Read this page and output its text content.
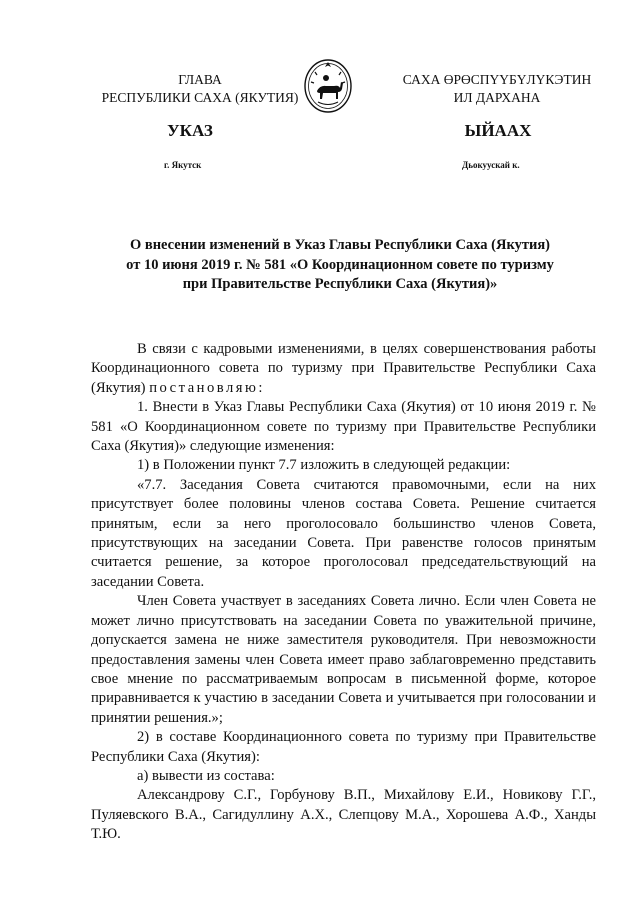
ГЛАВА
РЕСПУБЛИКИ САХА (ЯКУТИЯ)
САХА ӨРӨСПҮҮБҮЛҮКЭТИН
ИЛ ДАРХАНА
УКАЗ	ЫЙААХ
г. Якутск	Дьокуускай к.
О внесении изменений в Указ Главы Республики Саха (Якутия)
от 10 июня 2019 г. № 581 «О Координационном совете по туризму
при Правительстве Республики Саха (Якутия)»

В связи с кадровыми изменениями, в целях совершенствования работы Координационного совета по туризму при Правительстве Республики Саха (Якутия) постановляю:

1. Внести в Указ Главы Республики Саха (Якутия) от 10 июня 2019 г. № 581 «О Координационном совете по туризму при Правительстве Республики Саха (Якутия)» следующие изменения:

1) в Положении пункт 7.7 изложить в следующей редакции:

«7.7. Заседания Совета считаются правомочными, если на них присутствует более половины членов состава Совета. Решение считается принятым, если за него проголосовало большинство членов Совета, присутствующих на заседании Совета. При равенстве голосов принятым считается решение, за которое проголосовал председательствующий на заседании Совета.

Член Совета участвует в заседаниях Совета лично. Если член Совета не может лично присутствовать на заседании Совета по уважительной причине, допускается замена не ниже заместителя руководителя. При невозможности предоставления замены член Совета имеет право заблаговременно представить свое мнение по рассматриваемым вопросам в письменной форме, которое приравнивается к участию в заседании Совета и учитывается при голосовании и принятии решения.»;

2) в составе Координационного совета по туризму при Правительстве Республики Саха (Якутия):

а) вывести из состава:

Александрову С.Г., Горбунову В.П., Михайлову Е.И., Новикову Г.Г., Пуляевского В.А., Сагидуллину А.Х., Слепцову М.А., Хорошева А.Ф., Ханды Т.Ю.
